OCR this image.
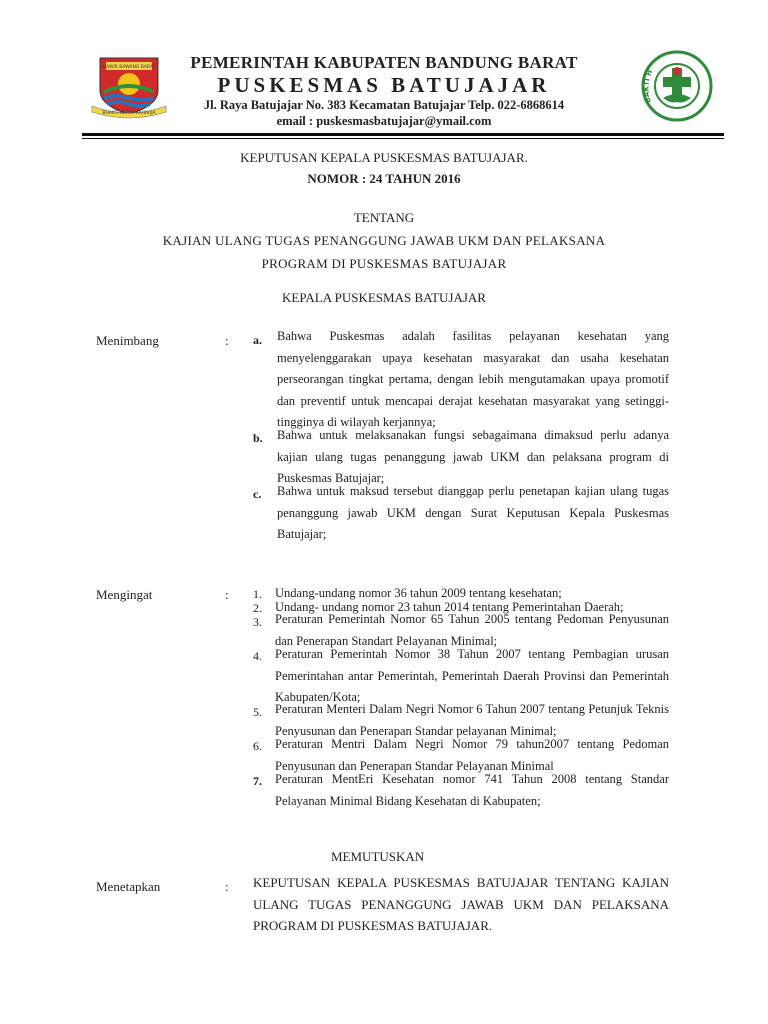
GAWIR BAWANG BARAT
BHAKTI KERTA RAHARJA
PEMERINTAH KABUPATEN BANDUNG BARAT
PUSKESMAS BATUJAJAR
Jl. Raya Batujajar No. 383 Kecamatan Batujajar Telp. 022-6868614
email : puskesmasbatujajar@ymail.com
BAKTI H
KEPUTUSAN KEPALA PUSKESMAS BATUJAJAR.
NOMOR : 24 TAHUN 2016
TENTANG
KAJIAN ULANG TUGAS PENANGGUNG JAWAB UKM DAN PELAKSANA
PROGRAM DI PUSKESMAS BATUJAJAR
KEPALA PUSKESMAS BATUJAJAR
Menimbang	: a. Bahwa Puskesmas adalah fasilitas pelayanan kesehatan yang menyelenggarakan upaya kesehatan masyarakat dan usaha kesehatan perseorangan tingkat pertama, dengan lebih mengutamakan upaya promotif dan preventif untuk mencapai derajat kesehatan masyarakat yang setinggi-tingginya di wilayah kerjannya;
b. Bahwa untuk melaksanakan fungsi sebagaimana dimaksud perlu adanya kajian ulang tugas penanggung jawab UKM dan pelaksana program di Puskesmas Batujajar;
c. Bahwa untuk maksud tersebut dianggap perlu penetapan kajian ulang tugas penanggung jawab UKM dengan Surat Keputusan Kepala Puskesmas Batujajar;
Mengingat	: 1. Undang-undang nomor 36 tahun 2009 tentang kesehatan;
2. Undang- undang nomor 23 tahun 2014 tentang Pemerintahan Daerah;
3. Peraturan Pemerintah Nomor 65 Tahun 2005 tentang Pedoman Penyusunan dan Penerapan Standart Pelayanan Minimal;
4. Peraturan Pemerintah Nomor 38 Tahun 2007 tentang Pembagian urusan Pemerintahan antar Pemerintah, Pemerintah Daerah Provinsi dan Pemerintah Kabupaten/Kota;
5. Peraturan Menteri Dalam Negri Nomor 6 Tahun 2007 tentang Petunjuk Teknis Penyusunan dan Penerapan Standar pelayanan Minimal;
6. Peraturan Mentri Dalam Negri Nomor 79 tahun2007 tentang Pedoman Penyusunan dan Penerapan Standar Pelayanan Minimal
7. Peraturan MentEri Kesehatan nomor 741 Tahun 2008 tentang Standar Pelayanan Minimal Bidang Kesehatan di Kabupaten;
MEMUTUSKAN
Menetapkan	: KEPUTUSAN KEPALA PUSKESMAS BATUJAJAR TENTANG KAJIAN ULANG TUGAS PENANGGUNG JAWAB UKM DAN PELAKSANA PROGRAM DI PUSKESMAS BATUJAJAR.
